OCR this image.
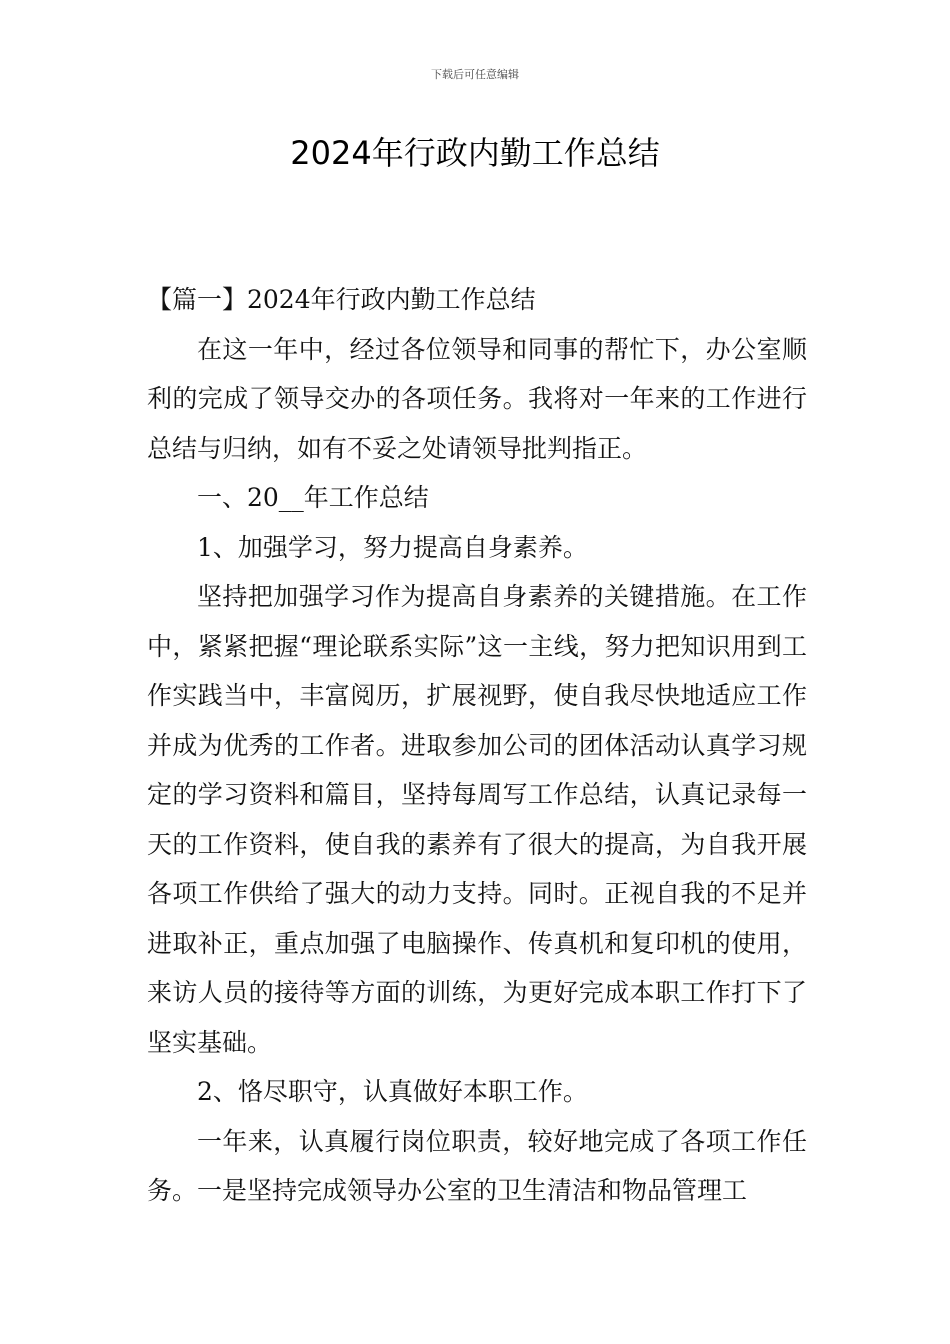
下载后可任意编辑
2024年行政内勤工作总结

【篇一】2024年行政内勤工作总结

在这一年中，经过各位领导和同事的帮忙下，办公室顺利的完成了领导交办的各项任务。我将对一年来的工作进行总结与归纳，如有不妥之处请领导批判指正。

一、20__年工作总结

1、加强学习，努力提高自身素养。

坚持把加强学习作为提高自身素养的关键措施。在工作中，紧紧把握“理论联系实际”这一主线，努力把知识用到工作实践当中，丰富阅历，扩展视野，使自我尽快地适应工作并成为优秀的工作者。进取参加公司的团体活动认真学习规定的学习资料和篇目，坚持每周写工作总结，认真记录每一天的工作资料，使自我的素养有了很大的提高，为自我开展各项工作供给了强大的动力支持。同时。正视自我的不足并进取补正，重点加强了电脑操作、传真机和复印机的使用，来访人员的接待等方面的训练，为更好完成本职工作打下了坚实基础。

2、恪尽职守，认真做好本职工作。

一年来，认真履行岗位职责，较好地完成了各项工作任务。一是坚持完成领导办公室的卫生清洁和物品管理工
